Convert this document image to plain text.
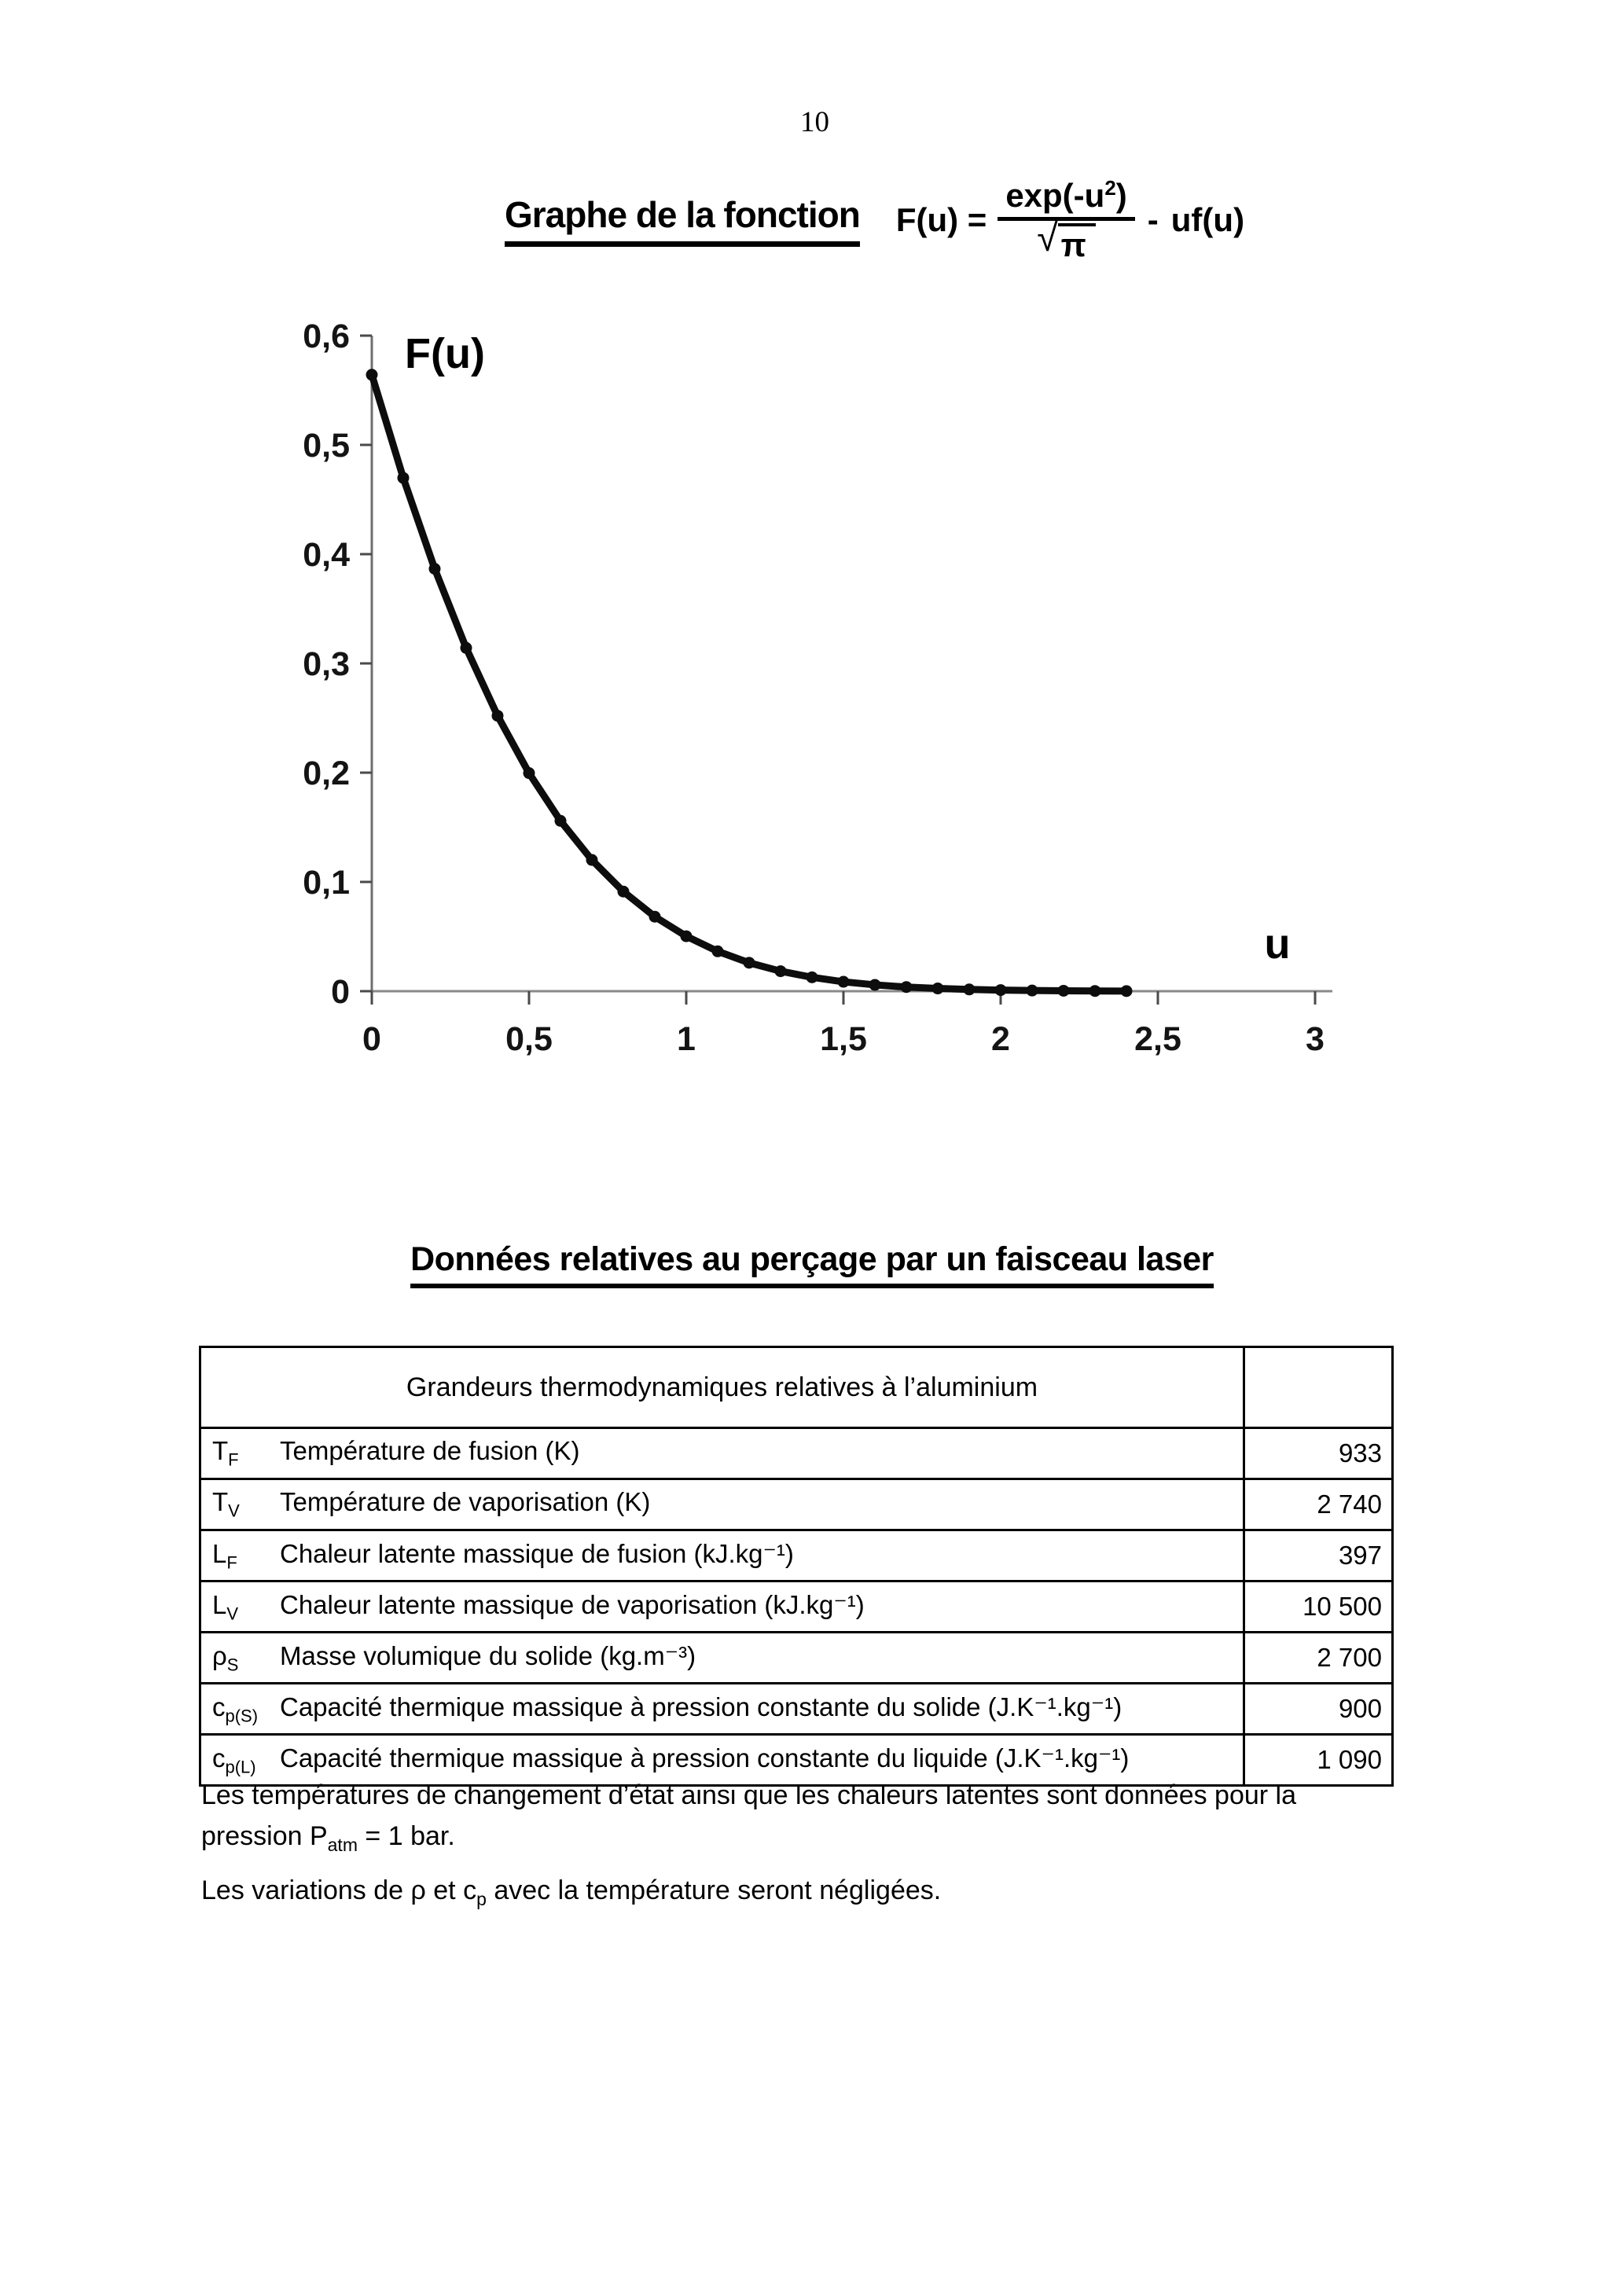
10
Graphe de la fonction $F(u) = \frac{\exp(-u^2)}{√ \pi} - uf(u)$
0
0,1
0,2
0,3
0,4
0,5
0,6
0	0,5	1	1,5	2	2,5	3
F(u)
u
Données relatives au perçage par un faisceau laser
Grandeurs thermodynamiques relatives à l’aluminium	
$T_F$ Température de fusion (K)	933
$T_V$ Température de vaporisation (K)	2 740
$L_F$ Chaleur latente massique de fusion (kJ.kg⁻¹)	397
$L_V$ Chaleur latente massique de vaporisation (kJ.kg⁻¹)	10 500
$\rho_S$ Masse volumique du solide (kg.m⁻³)	2 700
$c_{p(S)}$ Capacité thermique massique à pression constante du solide (J.K⁻¹.kg⁻¹)	900
$c_{p(L)}$ Capacité thermique massique à pression constante du liquide (J.K⁻¹.kg⁻¹)	1 090

Les températures de changement d’état ainsi que les chaleurs latentes sont données pour la
pression $P_{atm} = 1$ bar.

Les variations de ρ et $c_p$ avec la température seront négligées.
